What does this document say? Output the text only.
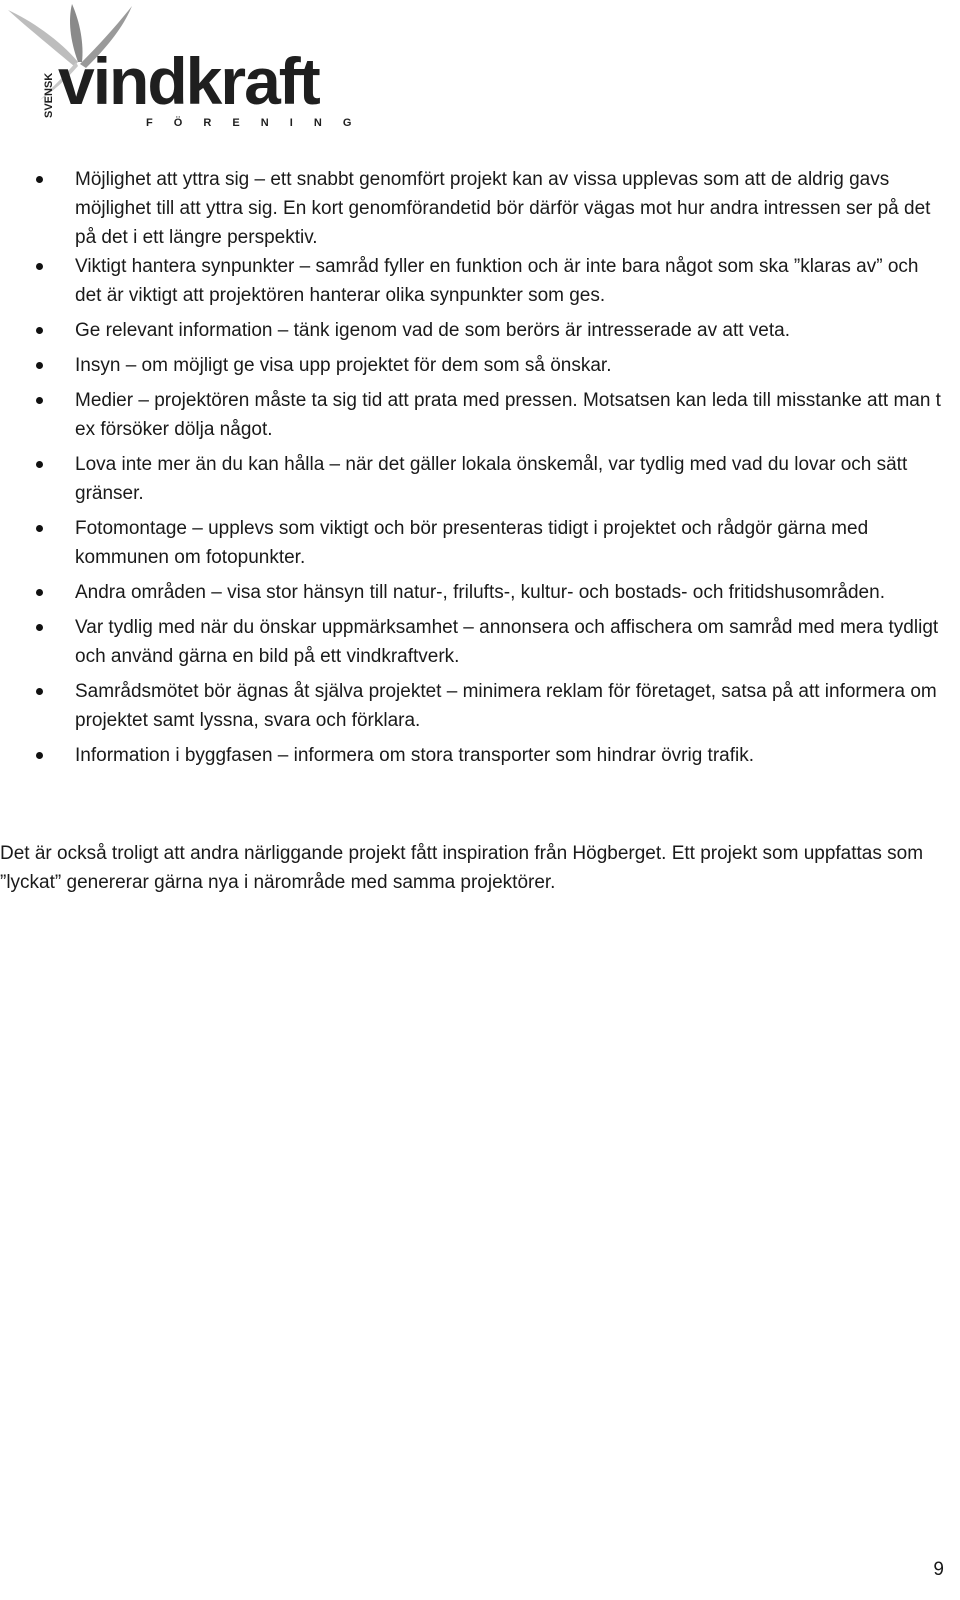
SVENSK vindkraft
F Ö R E N I N G
Möjlighet att yttra sig – ett snabbt genomfört projekt kan av vissa upplevas som att de aldrig gavs möjlighet till att yttra sig. En kort genomförandetid bör därför vägas mot hur andra intressen ser på det på det i ett längre perspektiv.
Viktigt hantera synpunkter – samråd fyller en funktion och är inte bara något som ska ”klaras av” och det är viktigt att projektören hanterar olika synpunkter som ges.
Ge relevant information – tänk igenom vad de som berörs är intresserade av att veta.
Insyn – om möjligt ge visa upp projektet för dem som så önskar.
Medier – projektören måste ta sig tid att prata med pressen. Motsatsen kan leda till misstanke att man t ex försöker dölja något.
Lova inte mer än du kan hålla – när det gäller lokala önskemål, var tydlig med vad du lovar och sätt gränser.
Fotomontage – upplevs som viktigt och bör presenteras tidigt i projektet och rådgör gärna med kommunen om fotopunkter.
Andra områden – visa stor hänsyn till natur-, frilufts-, kultur- och bostads- och fritidshusområden.
Var tydlig med när du önskar uppmärksamhet – annonsera och affischera om samråd med mera tydligt och använd gärna en bild på ett vindkraftverk.
Samrådsmötet bör ägnas åt själva projektet – minimera reklam för företaget, satsa på att informera om projektet samt lyssna, svara och förklara.
Information i byggfasen – informera om stora transporter som hindrar övrig trafik.

Det är också troligt att andra närliggande projekt fått inspiration från Högberget. Ett projekt som uppfattas som ”lyckat” genererar gärna nya i närområde med samma projektörer.

9
